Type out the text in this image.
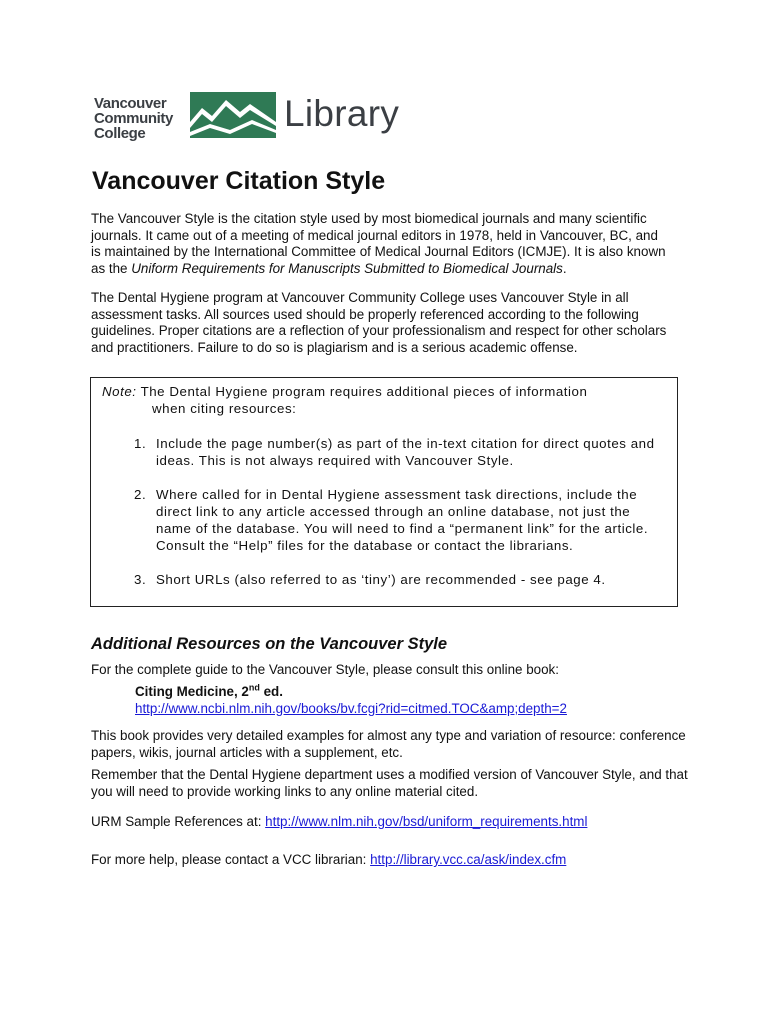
Vancouver
Community
College	Library
Vancouver Citation Style

The Vancouver Style is the citation style used by most biomedical journals and many scientific journals. It came out of a meeting of medical journal editors in 1978, held in Vancouver, BC, and is maintained by the International Committee of Medical Journal Editors (ICMJE). It is also known as the Uniform Requirements for Manuscripts Submitted to Biomedical Journals.

The Dental Hygiene program at Vancouver Community College uses Vancouver Style in all assessment tasks. All sources used should be properly referenced according to the following guidelines. Proper citations are a reflection of your professionalism and respect for other scholars and practitioners. Failure to do so is plagiarism and is a serious academic offense.

Note: The Dental Hygiene program requires additional pieces of information
when citing resources:

1. Include the page number(s) as part of the in-text citation for direct quotes and ideas. This is not always required with Vancouver Style.

2. Where called for in Dental Hygiene assessment task directions, include the direct link to any article accessed through an online database, not just the name of the database. You will need to find a “permanent link” for the article. Consult the “Help” files for the database or contact the librarians.

3. Short URLs (also referred to as ‘tiny’) are recommended - see page 4.

Additional Resources on the Vancouver Style

For the complete guide to the Vancouver Style, please consult this online book:

Citing Medicine, 2nd ed.
http://www.ncbi.nlm.nih.gov/books/bv.fcgi?rid=citmed.TOC&amp;depth=2

This book provides very detailed examples for almost any type and variation of resource: conference papers, wikis, journal articles with a supplement, etc.

Remember that the Dental Hygiene department uses a modified version of Vancouver Style, and that you will need to provide working links to any online material cited.

URM Sample References at: http://www.nlm.nih.gov/bsd/uniform_requirements.html

For more help, please contact a VCC librarian: http://library.vcc.ca/ask/index.cfm
